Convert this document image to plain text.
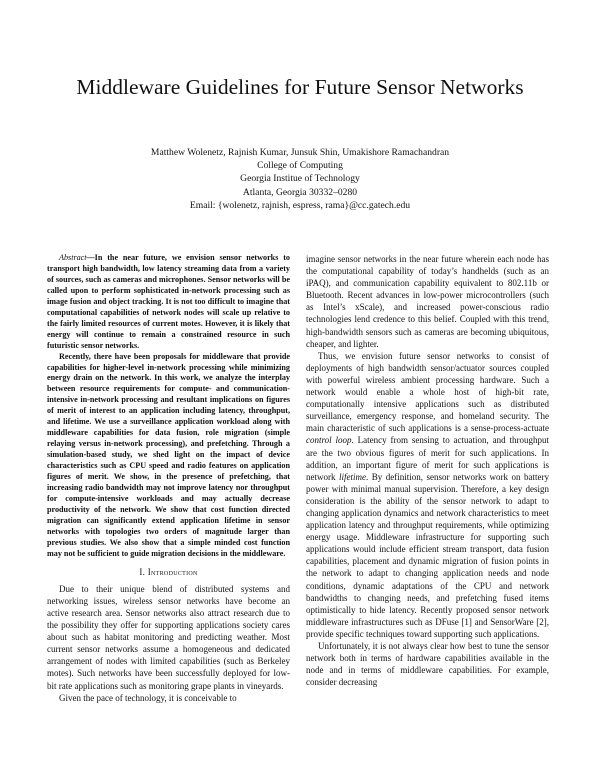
Middleware Guidelines for Future Sensor Networks
Matthew Wolenetz, Rajnish Kumar, Junsuk Shin, Umakishore Ramachandran
College of Computing
Georgia Institue of Technology
Atlanta, Georgia 30332–0280
Email: {wolenetz, rajnish, espress, rama}@cc.gatech.edu

Abstract—In the near future, we envision sensor networks to transport high bandwidth, low latency streaming data from a variety of sources, such as cameras and microphones. Sensor networks will be called upon to perform sophisticated in-network processing such as image fusion and object tracking. It is not too difficult to imagine that computational capabilities of network nodes will scale up relative to the fairly limited resources of current motes. However, it is likely that energy will continue to remain a constrained resource in such futuristic sensor networks.

Recently, there have been proposals for middleware that provide capabilities for higher-level in-network processing while minimizing energy drain on the network. In this work, we analyze the interplay between resource requirements for compute- and communication-intensive in-network processing and resultant implications on figures of merit of interest to an application including latency, throughput, and lifetime. We use a surveillance application workload along with middleware capabilities for data fusion, role migration (simple relaying versus in-network processing), and prefetching. Through a simulation-based study, we shed light on the impact of device characteristics such as CPU speed and radio features on application figures of merit. We show, in the presence of prefetching, that increasing radio bandwidth may not improve latency nor throughput for compute-intensive workloads and may actually decrease productivity of the network. We show that cost function directed migration can significantly extend application lifetime in sensor networks with topologies two orders of magnitude larger than previous studies. We also show that a simple minded cost function may not be sufficient to guide migration decisions in the middleware.

I. Introduction

Due to their unique blend of distributed systems and networking issues, wireless sensor networks have become an active research area. Sensor networks also attract research due to the possibility they offer for supporting applications society cares about such as habitat monitoring and predicting weather. Most current sensor networks assume a homogeneous and dedicated arrangement of nodes with limited capabilities (such as Berkeley motes). Such networks have been successfully deployed for low-bit rate applications such as monitoring grape plants in vineyards.

Given the pace of technology, it is conceivable to

imagine sensor networks in the near future wherein each node has the computational capability of today’s handhelds (such as an iPAQ), and communication capability equivalent to 802.11b or Bluetooth. Recent advances in low-power microcontrollers (such as Intel’s xScale), and increased power-conscious radio technologies lend credence to this belief. Coupled with this trend, high-bandwidth sensors such as cameras are becoming ubiquitous, cheaper, and lighter.

Thus, we envision future sensor networks to consist of deployments of high bandwidth sensor/actuator sources coupled with powerful wireless ambient processing hardware. Such a network would enable a whole host of high-bit rate, computationally intensive applications such as distributed surveillance, emergency response, and homeland security. The main characteristic of such applications is a sense-process-actuate control loop. Latency from sensing to actuation, and throughput are the two obvious figures of merit for such applications. In addition, an important figure of merit for such applications is network lifetime. By definition, sensor networks work on battery power with minimal manual supervision. Therefore, a key design consideration is the ability of the sensor network to adapt to changing application dynamics and network characteristics to meet application latency and throughput requirements, while optimizing energy usage. Middleware infrastructure for supporting such applications would include efficient stream transport, data fusion capabilities, placement and dynamic migration of fusion points in the network to adapt to changing application needs and node conditions, dynamic adaptations of the CPU and network bandwidths to changing needs, and prefetching fused items optimistically to hide latency. Recently proposed sensor network middleware infrastructures such as DFuse [1] and SensorWare [2], provide specific techniques toward supporting such applications.

Unfortunately, it is not always clear how best to tune the sensor network both in terms of hardware capabilities available in the node and in terms of middleware capabilities. For example, consider decreasing
